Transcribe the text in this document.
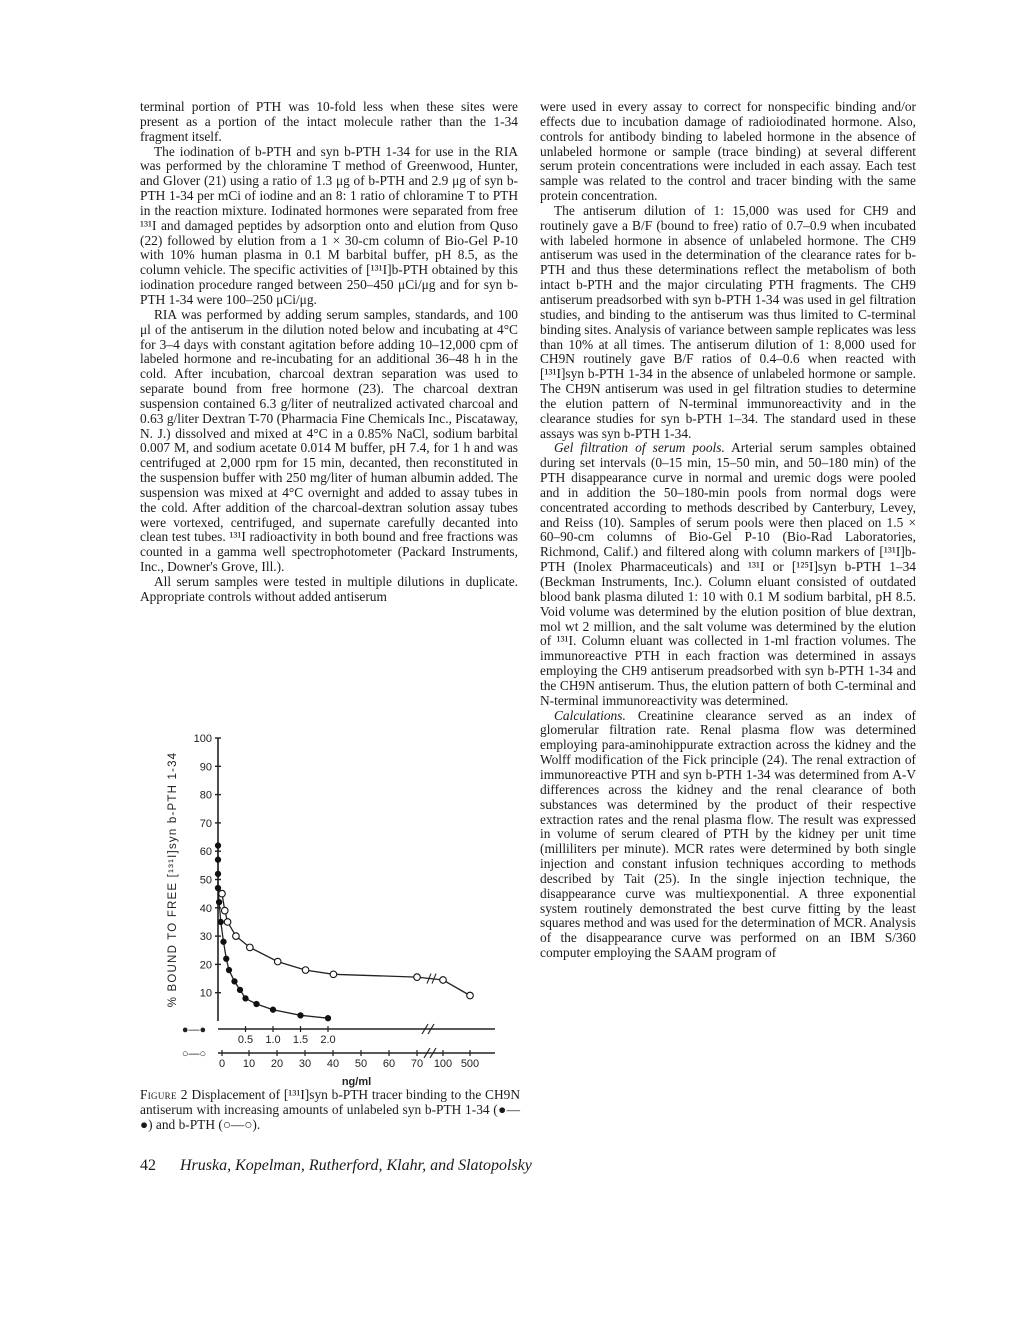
terminal portion of PTH was 10-fold less when these sites were present as a portion of the intact molecule rather than the 1-34 fragment itself.

The iodination of b-PTH and syn b-PTH 1-34 for use in the RIA was performed by the chloramine T method of Greenwood, Hunter, and Glover (21) using a ratio of 1.3 μg of b-PTH and 2.9 μg of syn b-PTH 1-34 per mCi of iodine and an 8: 1 ratio of chloramine T to PTH in the reaction mixture. Iodinated hormones were separated from free ¹³¹I and damaged peptides by adsorption onto and elution from Quso (22) followed by elution from a 1 × 30-cm column of Bio-Gel P-10 with 10% human plasma in 0.1 M barbital buffer, pH 8.5, as the column vehicle. The specific activities of [¹³¹I]b-PTH obtained by this iodination procedure ranged between 250–450 μCi/μg and for syn b-PTH 1-34 were 100–250 μCi/μg.

RIA was performed by adding serum samples, standards, and 100 μl of the antiserum in the dilution noted below and incubating at 4°C for 3–4 days with constant agitation before adding 10–12,000 cpm of labeled hormone and re-incubating for an additional 36–48 h in the cold. After incubation, charcoal dextran separation was used to separate bound from free hormone (23). The charcoal dextran suspension contained 6.3 g/liter of neutralized activated charcoal and 0.63 g/liter Dextran T-70 (Pharmacia Fine Chemicals Inc., Piscataway, N. J.) dissolved and mixed at 4°C in a 0.85% NaCl, sodium barbital 0.007 M, and sodium acetate 0.014 M buffer, pH 7.4, for 1 h and was centrifuged at 2,000 rpm for 15 min, decanted, then reconstituted in the suspension buffer with 250 mg/liter of human albumin added. The suspension was mixed at 4°C overnight and added to assay tubes in the cold. After addition of the charcoal-dextran solution assay tubes were vortexed, centrifuged, and supernate carefully decanted into clean test tubes. ¹³¹I radioactivity in both bound and free fractions was counted in a gamma well spectrophotometer (Packard Instruments, Inc., Downer's Grove, Ill.).

All serum samples were tested in multiple dilutions in duplicate. Appropriate controls without added antiserum

were used in every assay to correct for nonspecific binding and/or effects due to incubation damage of radioiodinated hormone. Also, controls for antibody binding to labeled hormone in the absence of unlabeled hormone or sample (trace binding) at several different serum protein concentrations were included in each assay. Each test sample was related to the control and tracer binding with the same protein concentration.

The antiserum dilution of 1: 15,000 was used for CH9 and routinely gave a B/F (bound to free) ratio of 0.7–0.9 when incubated with labeled hormone in absence of unlabeled hormone. The CH9 antiserum was used in the determination of the clearance rates for b-PTH and thus these determinations reflect the metabolism of both intact b-PTH and the major circulating PTH fragments. The CH9 antiserum preadsorbed with syn b-PTH 1-34 was used in gel filtration studies, and binding to the antiserum was thus limited to C-terminal binding sites. Analysis of variance between sample replicates was less than 10% at all times. The antiserum dilution of 1: 8,000 used for CH9N routinely gave B/F ratios of 0.4–0.6 when reacted with [¹³¹I]syn b-PTH 1-34 in the absence of unlabeled hormone or sample. The CH9N antiserum was used in gel filtration studies to determine the elution pattern of N-terminal immunoreactivity and in the clearance studies for syn b-PTH 1–34. The standard used in these assays was syn b-PTH 1-34.

Gel filtration of serum pools. Arterial serum samples obtained during set intervals (0–15 min, 15–50 min, and 50–180 min) of the PTH disappearance curve in normal and uremic dogs were pooled and in addition the 50–180-min pools from normal dogs were concentrated according to methods described by Canterbury, Levey, and Reiss (10). Samples of serum pools were then placed on 1.5 × 60–90-cm columns of Bio-Gel P-10 (Bio-Rad Laboratories, Richmond, Calif.) and filtered along with column markers of [¹³¹I]b-PTH (Inolex Pharmaceuticals) and ¹³¹I or [¹²⁵I]syn b-PTH 1–34 (Beckman Instruments, Inc.). Column eluant consisted of outdated blood bank plasma diluted 1: 10 with 0.1 M sodium barbital, pH 8.5. Void volume was determined by the elution position of blue dextran, mol wt 2 million, and the salt volume was determined by the elution of ¹³¹I. Column eluant was collected in 1-ml fraction volumes. The immunoreactive PTH in each fraction was determined in assays employing the CH9 antiserum preadsorbed with syn b-PTH 1-34 and the CH9N antiserum. Thus, the elution pattern of both C-terminal and N-terminal immunoreactivity was determined.

Calculations. Creatinine clearance served as an index of glomerular filtration rate. Renal plasma flow was determined employing para-aminohippurate extraction across the kidney and the Wolff modification of the Fick principle (24). The renal extraction of immunoreactive PTH and syn b-PTH 1-34 was determined from A-V differences across the kidney and the renal clearance of both substances was determined by the product of their respective extraction rates and the renal plasma flow. The result was expressed in volume of serum cleared of PTH by the kidney per unit time (milliliters per minute). MCR rates were determined by both single injection and constant infusion techniques according to methods described by Tait (25). In the single injection technique, the disappearance curve was multiexponential. A three exponential system routinely demonstrated the best curve fitting by the least squares method and was used for the determination of MCR. Analysis of the disappearance curve was performed on an IBM S/360 computer employing the SAAM program of

10
20
30
40
50
60
70
80
90
100
% BOUND TO FREE [¹³¹I]syn b-PTH 1-34
●—●
0.5 1.0 1.5 2.0
○—○
0 10 20 30 40 50 60 70 100 500
ng/ml
Figure 2 Displacement of [¹³¹I]syn b-PTH tracer binding to the CH9N antiserum with increasing amounts of unlabeled syn b-PTH 1-34 (●—●) and b-PTH (○—○).
42 Hruska, Kopelman, Rutherford, Klahr, and Slatopolsky
